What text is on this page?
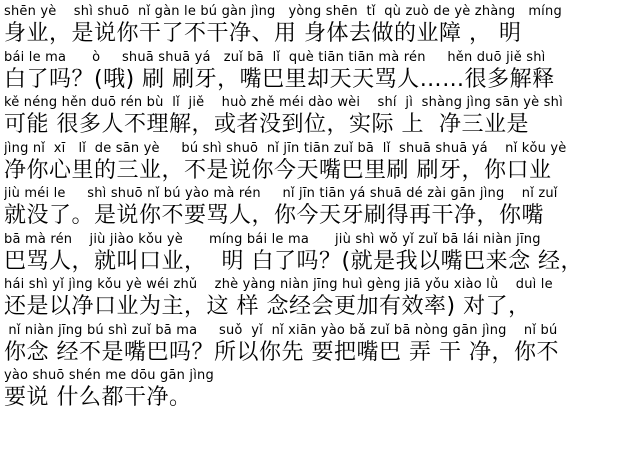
shēn yè    shì shuō  nǐ gàn le bú gàn jìng   yòng shēn  tǐ  qù zuò de yè zhàng   míng
身业，是说你干了不干净、用 身体去做的业障 ， 明
bái le ma      ò     shuā shuā yá   zuǐ bā  lǐ  què tiān tiān mà rén     hěn duō jiě shì
白了吗？(哦) 刷 刷牙，嘴巴里却天天骂人……很多解释
kě néng hěn duō rén bù  lǐ  jiě    huò zhě méi dào wèi    shí  jì  shàng jìng sān yè shì
可能 很多人不理解，或者没到位，实际 上  净三业是
jìng nǐ  xī   lǐ  de sān yè     bú shì shuō  nǐ jīn tiān zuǐ bā  lǐ  shuā shuā yá    nǐ kǒu yè
净你心里的三业，不是说你今天嘴巴里刷 刷牙，你口业
jiù méi le     shì shuō nǐ bú yào mà rén     nǐ jīn tiān yá shuā dé zài gān jìng    nǐ zuǐ
就没了。是说你不要骂人，你今天牙刷得再干净，你嘴
bā mà rén    jiù jiào kǒu yè      míng bái le ma      jiù shì wǒ yǐ zuǐ bā lái niàn jīng
巴骂人，就叫口业，  明 白了吗？(就是我以嘴巴来念 经，
hái shì yǐ jìng kǒu yè wéi zhǔ    zhè yàng niàn jīng huì gèng jiā yǒu xiào lǜ    duì le
还是以净口业为主，这 样 念经会更加有效率) 对了，
nǐ niàn jīng bú shì zuǐ bā ma     suǒ  yǐ  nǐ xiān yào bǎ zuǐ bā nòng gān jìng    nǐ bú
你念 经不是嘴巴吗？所以你先 要把嘴巴 弄 干 净，你不
yào shuō shén me dōu gān jìng
要说 什么都干净。
